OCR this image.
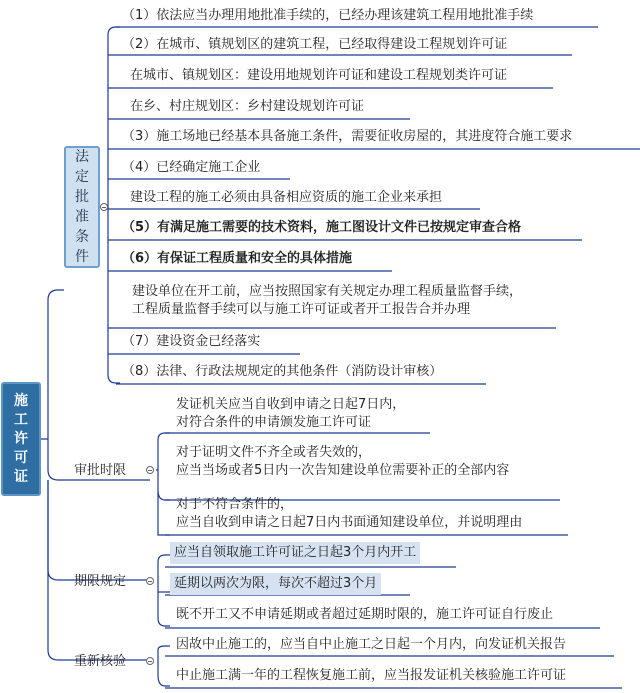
施
工
许
可
证
法
定
批
准
条
件
（1）依法应当办理用地批准手续的，已经办理该建筑工程用地批准手续
（2）在城市、镇规划区的建筑工程，已经取得建设工程规划许可证
在城市、镇规划区：建设用地规划许可证和建设工程规划类许可证
在乡、村庄规划区：乡村建设规划许可证
（3）施工场地已经基本具备施工条件，需要征收房屋的，其进度符合施工要求
（4）已经确定施工企业
建设工程的施工必须由具备相应资质的施工企业来承担
（5）有满足施工需要的技术资料，施工图设计文件已按规定审查合格
（6）有保证工程质量和安全的具体措施
建设单位在开工前，应当按照国家有关规定办理工程质量监督手续，
工程质量监督手续可以与施工许可证或者开工报告合并办理
（7）建设资金已经落实
（8）法律、行政法规规定的其他条件（消防设计审核）
审批时限
发证机关应当自收到申请之日起7日内，
对符合条件的申请颁发施工许可证
对于证明文件不齐全或者失效的，
应当当场或者5日内一次告知建设单位需要补正的全部内容
对于不符合条件的，
应当自收到申请之日起7日内书面通知建设单位，并说明理由
期限规定
应当自领取施工许可证之日起3个月内开工
延期以两次为限，每次不超过3个月
既不开工又不申请延期或者超过延期时限的，施工许可证自行废止
重新核验
因故中止施工的，应当自中止施工之日起一个月内，向发证机关报告
中止施工满一年的工程恢复施工前，应当报发证机关核验施工许可证
